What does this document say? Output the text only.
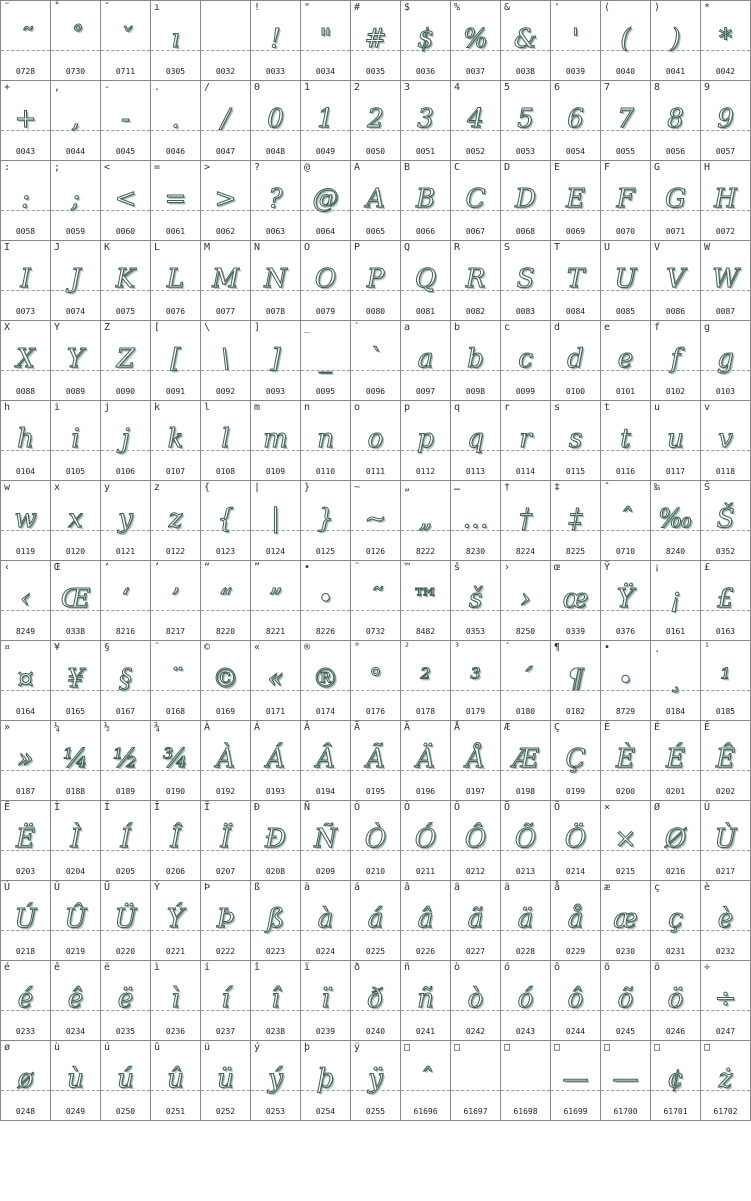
˜
˜
0728
˚
˚
0730
ˇ
ˇ
0711
ı
ı
0305	0032
!
!
0033
"
"
0034
#
#
0035
$
$
0036
%
%
0037
&
&
0038
'
'
0039
(
(
0040
)
)
0041
*
*
0042
+
+
0043
,
,
0044
-
-
0045
.
.
0046
/
/
0047
0
0
0048
1
1
0049
2
2
0050
3
3
0051
4
4
0052
5
5
0053
6
6
0054
7
7
0055
8
8
0056
9
9
0057
:
:
0058
;
;
0059
<
<
0060
=
=
0061
>
>
0062
?
?
0063
@
@
0064
A
A
0065
B
B
0066
C
C
0067
D
D
0068
E
E
0069
F
F
0070
G
G
0071
H
H
0072
I
I
0073
J
J
0074
K
K
0075
L
L
0076
M
M
0077
N
N
0078
O
O
0079
P
P
0080
Q
Q
0081
R
R
0082
S
S
0083
T
T
0084
U
U
0085
V
V
0086
W
W
0087
X
X
0088
Y
Y
0089
Z
Z
0090
[
[
0091
\
\
0092
]
]
0093
_
_
0095
`
`
0096
a
a
0097
b
b
0098
c
c
0099
d
d
0100
e
e
0101
f
f
0102
g
g
0103
h
h
0104
i
i
0105
j
j
0106
k
k
0107
l
l
0108
m
m
0109
n
n
0110
o
o
0111
p
p
0112
q
q
0113
r
r
0114
s
s
0115
t
t
0116
u
u
0117
v
v
0118
w
w
0119
x
x
0120
y
y
0121
z
z
0122
{
{
0123
|
|
0124
}
}
0125
~
~
0126
„
„
8222
…
…
8230
†
†
8224
‡
‡
8225
ˆ
ˆ
0710
‰
‰
8240
Š
Š
0352
‹
‹
8249
Œ
Œ
0338
‘
‘
8216
’
’
8217
“
“
8220
”
”
8221
•
•
8226
˜
˜
0732
™
™
8482
š
š
0353
›
›
8250
œ
œ
0339
Ÿ
Ÿ
0376
¡
¡
0161
£
£
0163
¤
¤
0164
¥
¥
0165
§
§
0167
¨
¨
0168
©
©
0169
«
«
0171
®
®
0174
°
°
0176
²
²
0178
³
³
0179
´
´
0180
¶
¶
0182
∙
∙
8729
¸
¸
0184
¹
¹
0185
»
»
0187
¼
¼
0188
½
½
0189
¾
¾
0190
À
À
0192
Á
Á
0193
Â
Â
0194
Ã
Ã
0195
Ä
Ä
0196
Å
Å
0197
Æ
Æ
0198
Ç
Ç
0199
È
È
0200
É
É
0201
Ê
Ê
0202
Ë
Ë
0203
Ì
Ì
0204
Í
Í
0205
Î
Î
0206
Ï
Ï
0207
Ð
Ð
0208
Ñ
Ñ
0209
Ò
Ò
0210
Ó
Ó
0211
Ô
Ô
0212
Õ
Õ
0213
Ö
Ö
0214
×
×
0215
Ø
Ø
0216
Ù
Ù
0217
Ú
Ú
0218
Û
Û
0219
Ü
Ü
0220
Ý
Ý
0221
Þ
Þ
0222
ß
ß
0223
à
à
0224
á
á
0225
â
â
0226
ã
ã
0227
ä
ä
0228
å
å
0229
æ
æ
0230
ç
ç
0231
è
è
0232
é
é
0233
ê
ê
0234
ë
ë
0235
ì
ì
0236
í
í
0237
î
î
0238
ï
ï
0239
ð
ð
0240
ñ
ñ
0241
ò
ò
0242
ó
ó
0243
ô
ô
0244
õ
õ
0245
ö
ö
0246
÷
÷
0247
ø
ø
0248
ù
ù
0249
ú
ú
0250
û
û
0251
ü
ü
0252
ý
ý
0253
þ
þ
0254
ÿ
ÿ
0255
□
ˆ
61696
□
61697
□
61698
□
—
61699
□
—
61700
□
¢
61701
□
ż
61702
